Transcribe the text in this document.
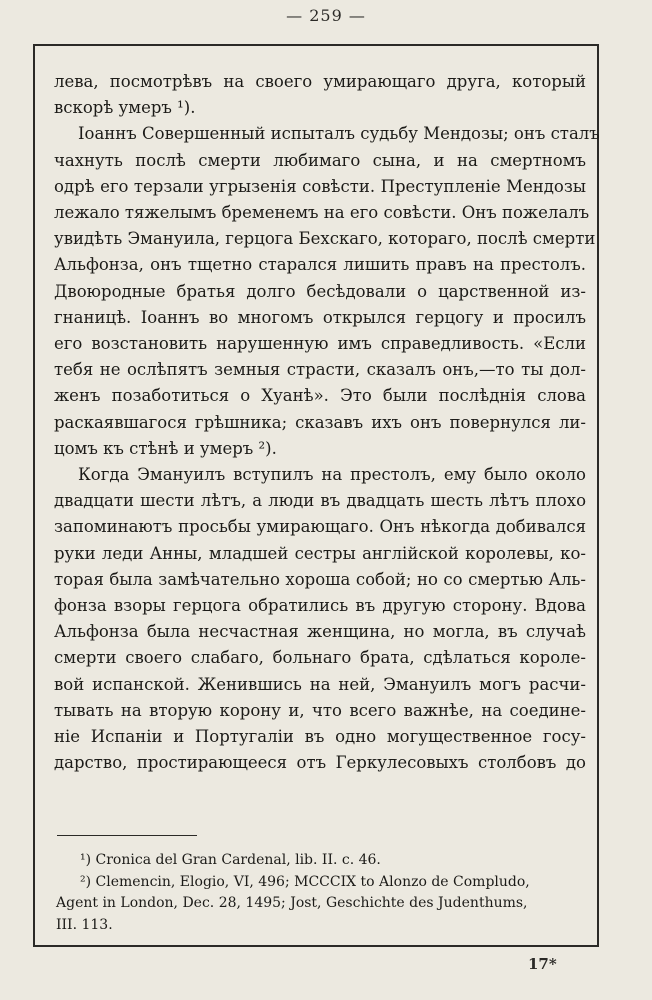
— 259 —

лева, посмотрѣвъ на своего умирающаго друга, который
вскорѣ умеръ ¹).

Іоаннъ Совершенный испыталъ судьбу Мендозы; онъ сталъ
чахнуть послѣ смерти любимаго сына, и на смертномъ
одрѣ его терзали угрызенія совѣсти. Преступленіе Мендозы
лежало тяжелымъ бременемъ на его совѣсти. Онъ пожелалъ
увидѣть Эмануила, герцога Бехскаго, котораго, послѣ смерти
Альфонза, онъ тщетно старался лишить правъ на престолъ.
Двоюродные братья долго бесѣдовали о царственной из-
гнаницѣ. Іоаннъ во многомъ открылся герцогу и просилъ
его возстановить нарушенную имъ справедливость. «Если
тебя не ослѣпятъ земныя страсти, сказалъ онъ,—то ты дол-
женъ позаботиться о Хуанѣ». Это были послѣднія слова
раскаявшагося грѣшника; сказавъ ихъ онъ повернулся ли-
цомъ къ стѣнѣ и умеръ ²).

Когда Эмануилъ вступилъ на престолъ, ему было около
двадцати шести лѣтъ, а люди въ двадцать шесть лѣтъ плохо
запоминаютъ просьбы умирающаго. Онъ нѣкогда добивался
руки леди Анны, младшей сестры англійской королевы, ко-
торая была замѣчательно хороша собой; но со смертью Аль-
фонза взоры герцога обратились въ другую сторону. Вдова
Альфонза была несчастная женщина, но могла, въ случаѣ
смерти своего слабаго, больнаго брата, сдѣлаться короле-
вой испанской. Женившись на ней, Эмануилъ могъ расчи-
тывать на вторую корону и, что всего важнѣе, на соедине-
ніе Испаніи и Португаліи въ одно могущественное госу-
дарство, простирающееся отъ Геркулесовыхъ столбовъ до

¹) Cronica del Gran Cardenal, lib. II. c. 46.
²) Clemencin, Elogio, VI, 496; MCCCIX to Alonzo de Compludo,
Agent in London, Dec. 28, 1495; Jost, Geschichte des Judenthums,
III. 113.
17*
